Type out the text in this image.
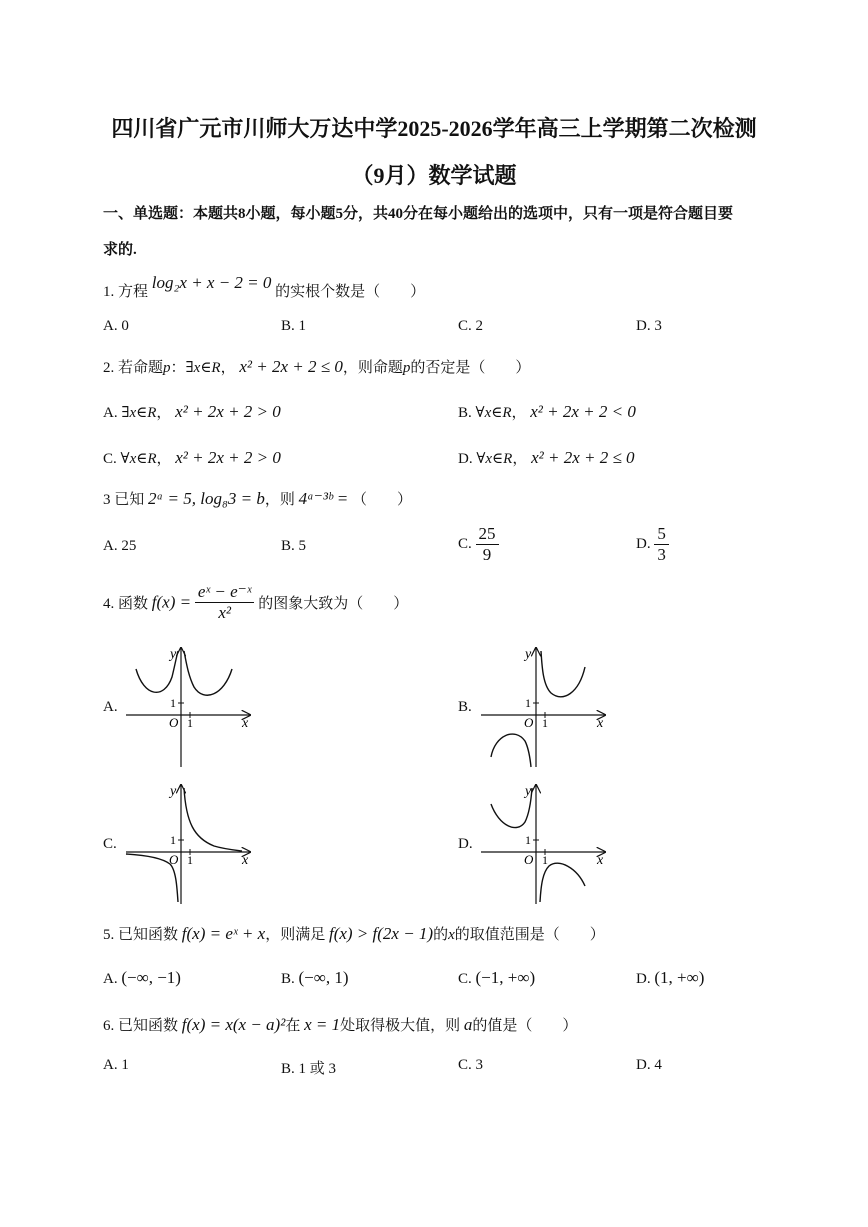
四川省广元市川师大万达中学2025-2026学年高三上学期第二次检测
（9月）数学试题
一、单选题：本题共8小题，每小题5分，共40分在每小题给出的选项中，只有一项是符合题目要
求的.
1. 方程 log₂x + x − 2 = 0 的实根个数是（　　）
A. 0	B. 1	C. 2	D. 3
2. 若命题p：∃x∈R， x² + 2x + 2 ≤ 0，则命题p的否定是（　　）
A. ∃x∈R， x² + 2x + 2 > 0	B. ∀x∈R， x² + 2x + 2 < 0
C. ∀x∈R， x² + 2x + 2 > 0	D. ∀x∈R， x² + 2x + 2 ≤ 0
3 已知 2ᵃ = 5, log₈3 = b，则 4ᵃ⁻³ᵇ = （　　）
A. 25	B. 5	C. $\frac{25}{9}$	D. $\frac{5}{3}$
4. 函数 $f(x) = \frac{\text{eˣ − e⁻ˣ}}{\text{x²}}$ 的图象大致为（　　）
A.	B.
C.	D.
y
x
O
1
1
y
x
O
1
1
y
x
O
1
1
y
x
O
1
1
5. 已知函数 f(x) = eˣ + x，则满足 f(x) > f(2x − 1)的x的取值范围是（　　）
A. (−∞, −1)	B. (−∞, 1)	C. (−1, +∞)	D. (1, +∞)
6. 已知函数 f(x) = x(x − a)²在 x = 1处取得极大值，则 a的值是（　　）
A. 1	B. 1 或 3	C. 3	D. 4
